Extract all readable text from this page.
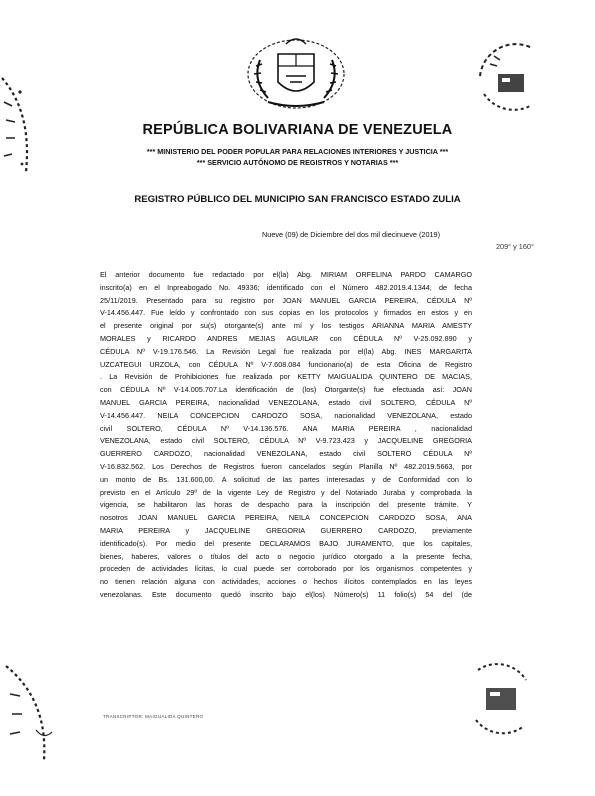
REPÚBLICA BOLIVARIANA DE VENEZUELA
*** MINISTERIO DEL PODER POPULAR PARA RELACIONES INTERIORES Y JUSTICIA ***
*** SERVICIO AUTÓNOMO DE REGISTROS Y NOTARIAS ***
REGISTRO PÚBLICO DEL MUNICIPIO SAN FRANCISCO ESTADO ZULIA
Nueve (09) de Diciembre del dos mil diecinueve (2019)
209° y 160°
El anterior documento fue redactado por el(la) Abg. MIRIAM ORFELINA PARDO CAMARGO
inscrito(a) en el Inpreabogado No. 49336; identificado con el Número 482.2019.4.1344, de fecha
25/11/2019. Presentado para su registro por JOAN MANUEL GARCIA PEREIRA, CÉDULA Nº
V-14.456.447. Fue leído y confrontado con sus copias en los protocolos y firmados en estos y en
el presente original por su(s) otorgante(s) ante mí y los testigos ARIANNA MARIA AMESTY
MORALES y RICARDO ANDRES MEJIAS AGUILAR con CÉDULA Nº V-25.092.890 y
CÉDULA Nº V-19.176.546. La Revisión Legal fue realizada por el(la) Abg. INES MARGARITA
UZCATEGUI URZOLA, con CÉDULA Nº V-7.608.084 funcionario(a) de esta Oficina de Registro
. La Revisión de Prohibiciones fue realizada por KETTY MAIGUALIDA QUINTERO DE MACIAS,
con CÉDULA Nº V-14.005.707.La identificación de (los) Otorgante(s) fue efectuada así: JOAN
MANUEL GARCIA PEREIRA, nacionalidad VENEZOLANA, estado civil SOLTERO, CÉDULA Nº
V-14.456.447. NEILA CONCEPCION CARDOZO SOSA, nacionalidad VENEZOLANA, estado
civil SOLTERO, CÉDULA Nº V-14.136.576. ANA MARIA PEREIRA , nacionalidad
VENEZOLANA, estado civil SOLTERO, CÉDULA Nº V-9.723.423 y JACQUELINE GREGORIA
GUERRERO CARDOZO, nacionalidad VENEZOLANA, estado civil SOLTERO CÉDULA Nº
V-16.832.562. Los Derechos de Registros fueron cancelados según Planilla Nº 482.2019.5663, por
un monto de Bs. 131.600,00. A solicitud de las partes interesadas y de Conformidad con lo
previsto en el Artículo 29º de la vigente Ley de Registro y del Notariado Juraba y comprobada la
vigencia, se habilitaron las horas de despacho para la inscripción del presente trámite. Y
nosotros JOAN MANUEL GARCIA PEREIRA, NEILA CONCEPCION CARDOZO SOSA, ANA
MARIA PEREIRA y JACQUELINE GREGORIA GUERRERO CARDOZO, previamente
identificado(s). Por medio del presente DECLARAMOS BAJO JURAMENTO, que los capitales,
bienes, haberes, valores o títulos del acto o negocio jurídico otorgado a la presente fecha,
proceden de actividades lícitas, lo cual puede ser corroborado por los organismos competentes y
no tienen relación alguna con actividades, acciones o hechos ilícitos contemplados en las leyes
venezolanas. Este documento quedó inscrito bajo el(los) Número(s) 11 folio(s) 54 del (de
TRANSCRIPTOR: MAIGUALIDA QUINTERO
